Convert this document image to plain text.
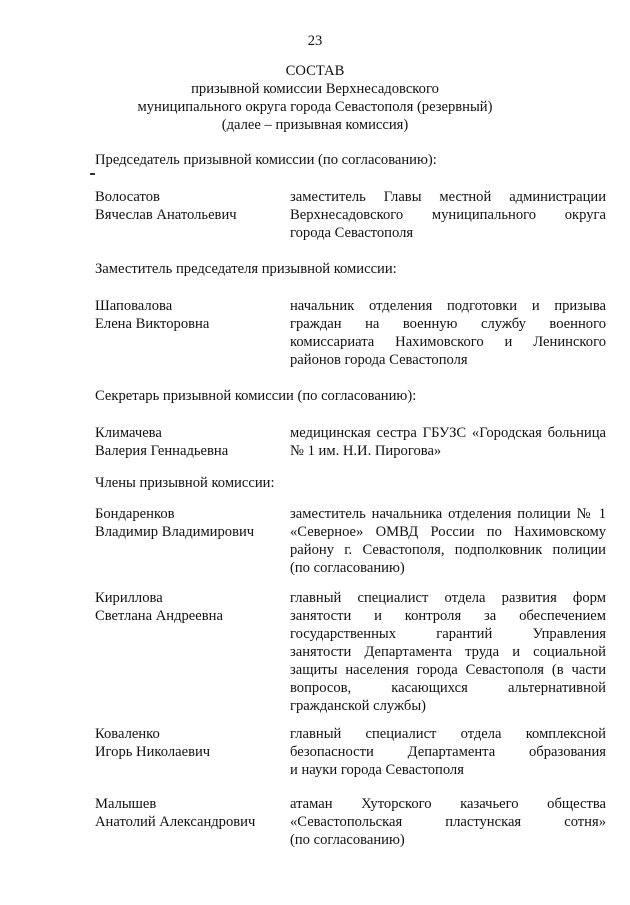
23
СОСТАВ
призывной комиссии Верхнесадовского
муниципального округа города Севастополя (резервный)
(далее – призывная комиссия)
Председатель призывной комиссии (по согласованию):
Волосатов
Вячеслав Анатольевич
заместитель Главы местной администрации
Верхнесадовского муниципального округа
города Севастополя
Заместитель председателя призывной комиссии:
Шаповалова
Елена Викторовна
начальник отделения подготовки и призыва
граждан на военную службу военного
комиссариата Нахимовского и Ленинского
районов города Севастополя
Секретарь призывной комиссии (по согласованию):
Климачева
Валерия Геннадьевна
медицинская сестра ГБУЗС «Городская больница
№ 1 им. Н.И. Пирогова»
Члены призывной комиссии:
Бондаренков
Владимир Владимирович
заместитель начальника отделения полиции № 1
«Северное» ОМВД России по Нахимовскому
району г. Севастополя, подполковник полиции
(по согласованию)
Кириллова
Светлана Андреевна
главный специалист отдела развития форм
занятости и контроля за обеспечением
государственных гарантий Управления
занятости Департамента труда и социальной
защиты населения города Севастополя (в части
вопросов, касающихся альтернативной
гражданской службы)
Коваленко
Игорь Николаевич
главный специалист отдела комплексной
безопасности Департамента образования
и науки города Севастополя
Малышев
Анатолий Александрович
атаман Хуторского казачьего общества
«Севастопольская пластунская сотня»
(по согласованию)
